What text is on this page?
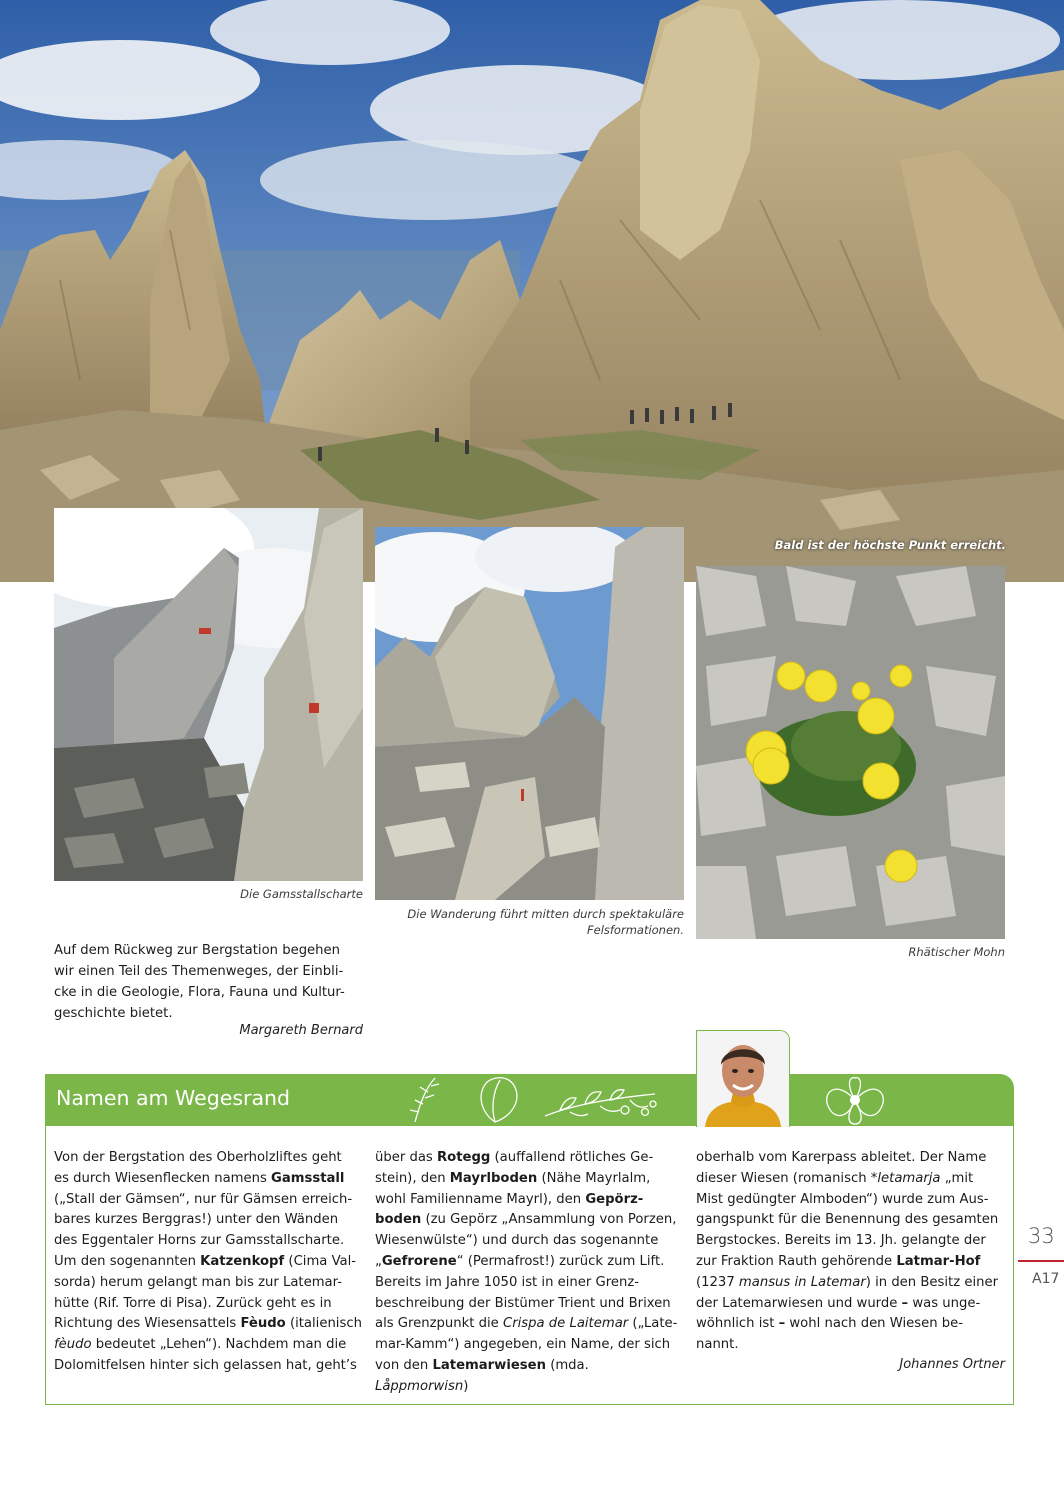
Bald ist der höchste Punkt erreicht.
Die Gamsstallscharte
Die Wanderung führt mitten durch spektakuläre
Felsformationen.
Rhätischer Mohn
Auf dem Rückweg zur Bergstation begehen
wir einen Teil des Themenweges, der Einbli-
cke in die Geologie, Flora, Fauna und Kultur-
geschichte bietet.
Margareth Bernard
Namen am Wegesrand
Von der Bergstation des Oberholzliftes geht
es durch Wiesenflecken namens Gamsstall
(„Stall der Gämsen“, nur für Gämsen erreich-
bares kurzes Berggras!) unter den Wänden
des Eggentaler Horns zur Gamsstallscharte.
Um den sogenannten Katzenkopf (Cima Val-
sorda) herum gelangt man bis zur Latemar-
hütte (Rif. Torre di Pisa). Zurück geht es in
Richtung des Wiesensattels Fèudo (italienisch
fèudo bedeutet „Lehen“). Nachdem man die
Dolomitfelsen hinter sich gelassen hat, geht’s
über das Rotegg (auffallend rötliches Ge-
stein), den Mayrlboden (Nähe Mayrlalm,
wohl Familienname Mayrl), den Gepörz-
boden (zu Gepörz „Ansammlung von Porzen,
Wiesenwülste“) und durch das sogenannte
„Gefrorene“ (Permafrost!) zurück zum Lift.
Bereits im Jahre 1050 ist in einer Grenz-
beschreibung der Bistümer Trient und Brixen
als Grenzpunkt die Crispa de Laitemar („Late-
mar-Kamm“) angegeben, ein Name, der sich
von den Latemarwiesen (mda. Låppmorwisn)
oberhalb vom Karerpass ableitet. Der Name
dieser Wiesen (romanisch *letamarja „mit
Mist gedüngter Almboden“) wurde zum Aus-
gangspunkt für die Benennung des gesamten
Bergstockes. Bereits im 13. Jh. gelangte der
zur Fraktion Rauth gehörende Latmar-Hof
(1237 mansus in Latemar) in den Besitz einer
der Latemarwiesen und wurde – was unge-
wöhnlich ist – wohl nach den Wiesen be-
nannt.
Johannes Ortner
33
A17
